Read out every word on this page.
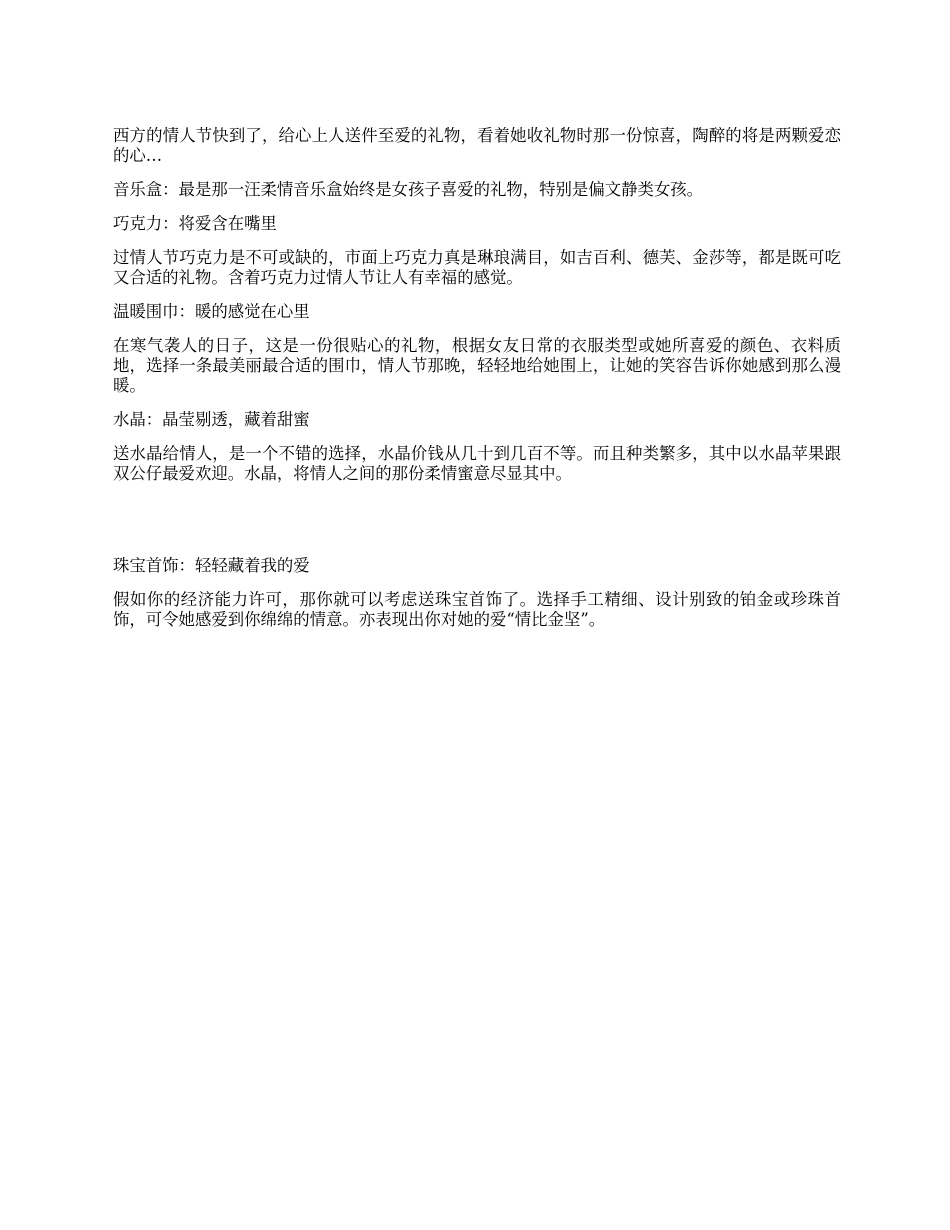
西方的情人节快到了，给心上人送件至爱的礼物，看着她收礼物时那一份惊喜，陶醉的将是两颗爱恋的心…

音乐盒：最是那一汪柔情音乐盒始终是女孩子喜爱的礼物，特别是偏文静类女孩。

巧克力：将爱含在嘴里

过情人节巧克力是不可或缺的，市面上巧克力真是琳琅满目，如吉百利、德芙、金莎等，都是既可吃又合适的礼物。含着巧克力过情人节让人有幸福的感觉。

温暖围巾：暖的感觉在心里

在寒气袭人的日子，这是一份很贴心的礼物，根据女友日常的衣服类型或她所喜爱的颜色、衣料质地，选择一条最美丽最合适的围巾，情人节那晚，轻轻地给她围上，让她的笑容告诉你她感到那么漫暖。

水晶：晶莹剔透，藏着甜蜜

送水晶给情人，是一个不错的选择，水晶价钱从几十到几百不等。而且种类繁多，其中以水晶苹果跟双公仔最爱欢迎。水晶，将情人之间的那份柔情蜜意尽显其中。

珠宝首饰：轻轻藏着我的爱

假如你的经济能力许可，那你就可以考虑送珠宝首饰了。选择手工精细、设计别致的铂金或珍珠首饰，可令她感爱到你绵绵的情意。亦表现出你对她的爱“情比金坚”。
